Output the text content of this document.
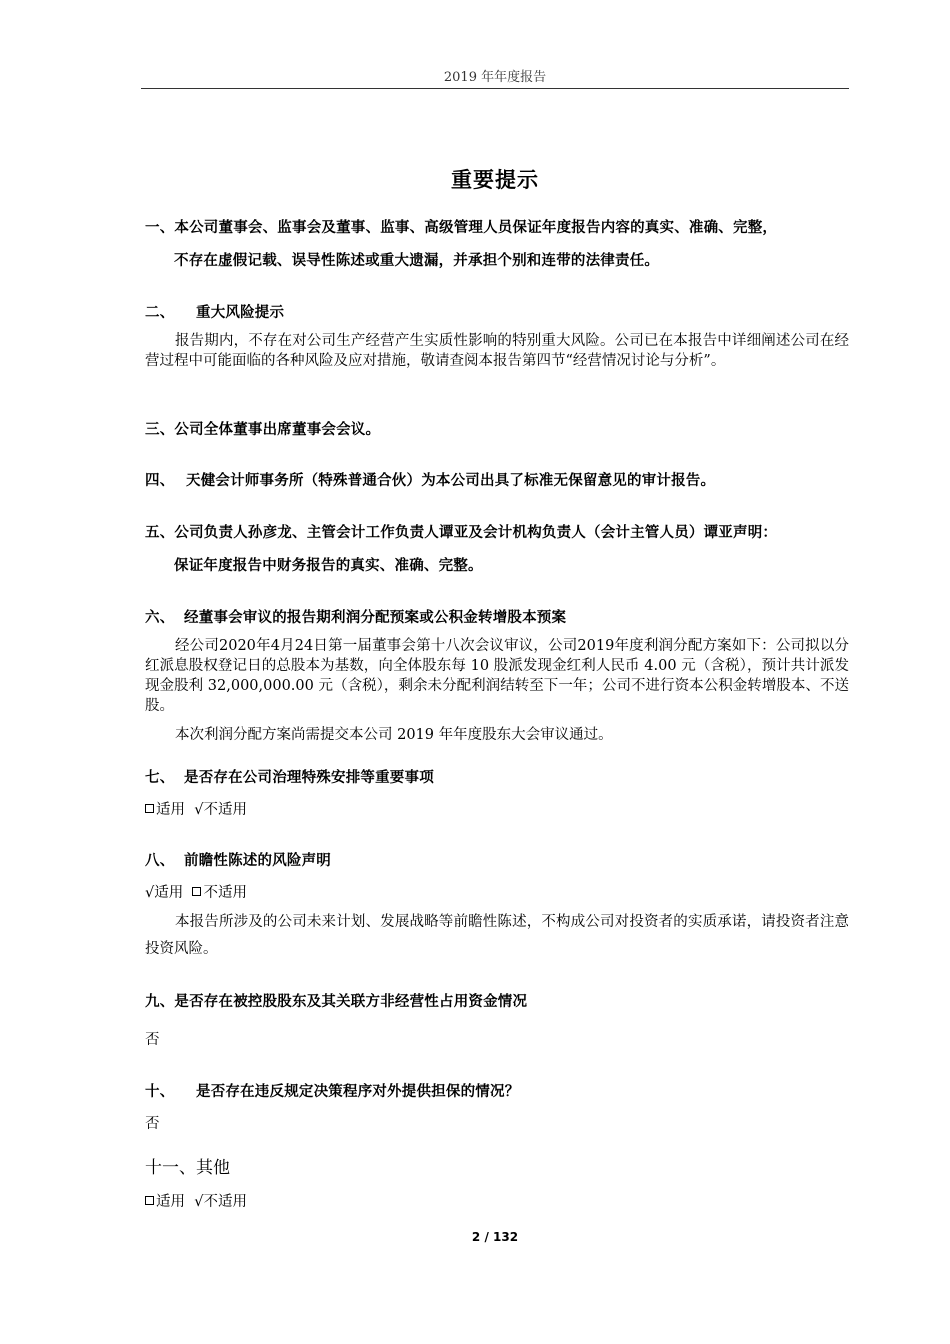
2019 年年度报告
重要提示
一、本公司董事会、监事会及董事、监事、高级管理人员保证年度报告内容的真实、准确、完整，
不存在虚假记载、误导性陈述或重大遗漏，并承担个别和连带的法律责任。
二、 重大风险提示
报告期内，不存在对公司生产经营产生实质性影响的特别重大风险。公司已在本报告中详细阐述公司在经营过程中可能面临的各种风险及应对措施，敬请查阅本报告第四节“经营情况讨论与分析”。
三、公司全体董事出席董事会会议。
四、 天健会计师事务所（特殊普通合伙）为本公司出具了标准无保留意见的审计报告。
五、公司负责人孙彦龙、主管会计工作负责人谭亚及会计机构负责人（会计主管人员）谭亚声明：
保证年度报告中财务报告的真实、准确、完整。
六、 经董事会审议的报告期利润分配预案或公积金转增股本预案
经公司2020年4月24日第一届董事会第十八次会议审议，公司2019年度利润分配方案如下：公司拟以分红派息股权登记日的总股本为基数，向全体股东每 10 股派发现金红利人民币 4.00 元（含税），预计共计派发现金股利 32,000,000.00 元（含税），剩余未分配利润结转至下一年；公司不进行资本公积金转增股本、不送股。
本次利润分配方案尚需提交本公司 2019 年年度股东大会审议通过。
七、 是否存在公司治理特殊安排等重要事项
适用 √不适用
八、 前瞻性陈述的风险声明
√适用 不适用
本报告所涉及的公司未来计划、发展战略等前瞻性陈述，不构成公司对投资者的实质承诺，请投资者注意投资风险。
九、是否存在被控股股东及其关联方非经营性占用资金情况
否
十、 是否存在违反规定决策程序对外提供担保的情况？
否
十一、其他
适用 √不适用
2 / 132
